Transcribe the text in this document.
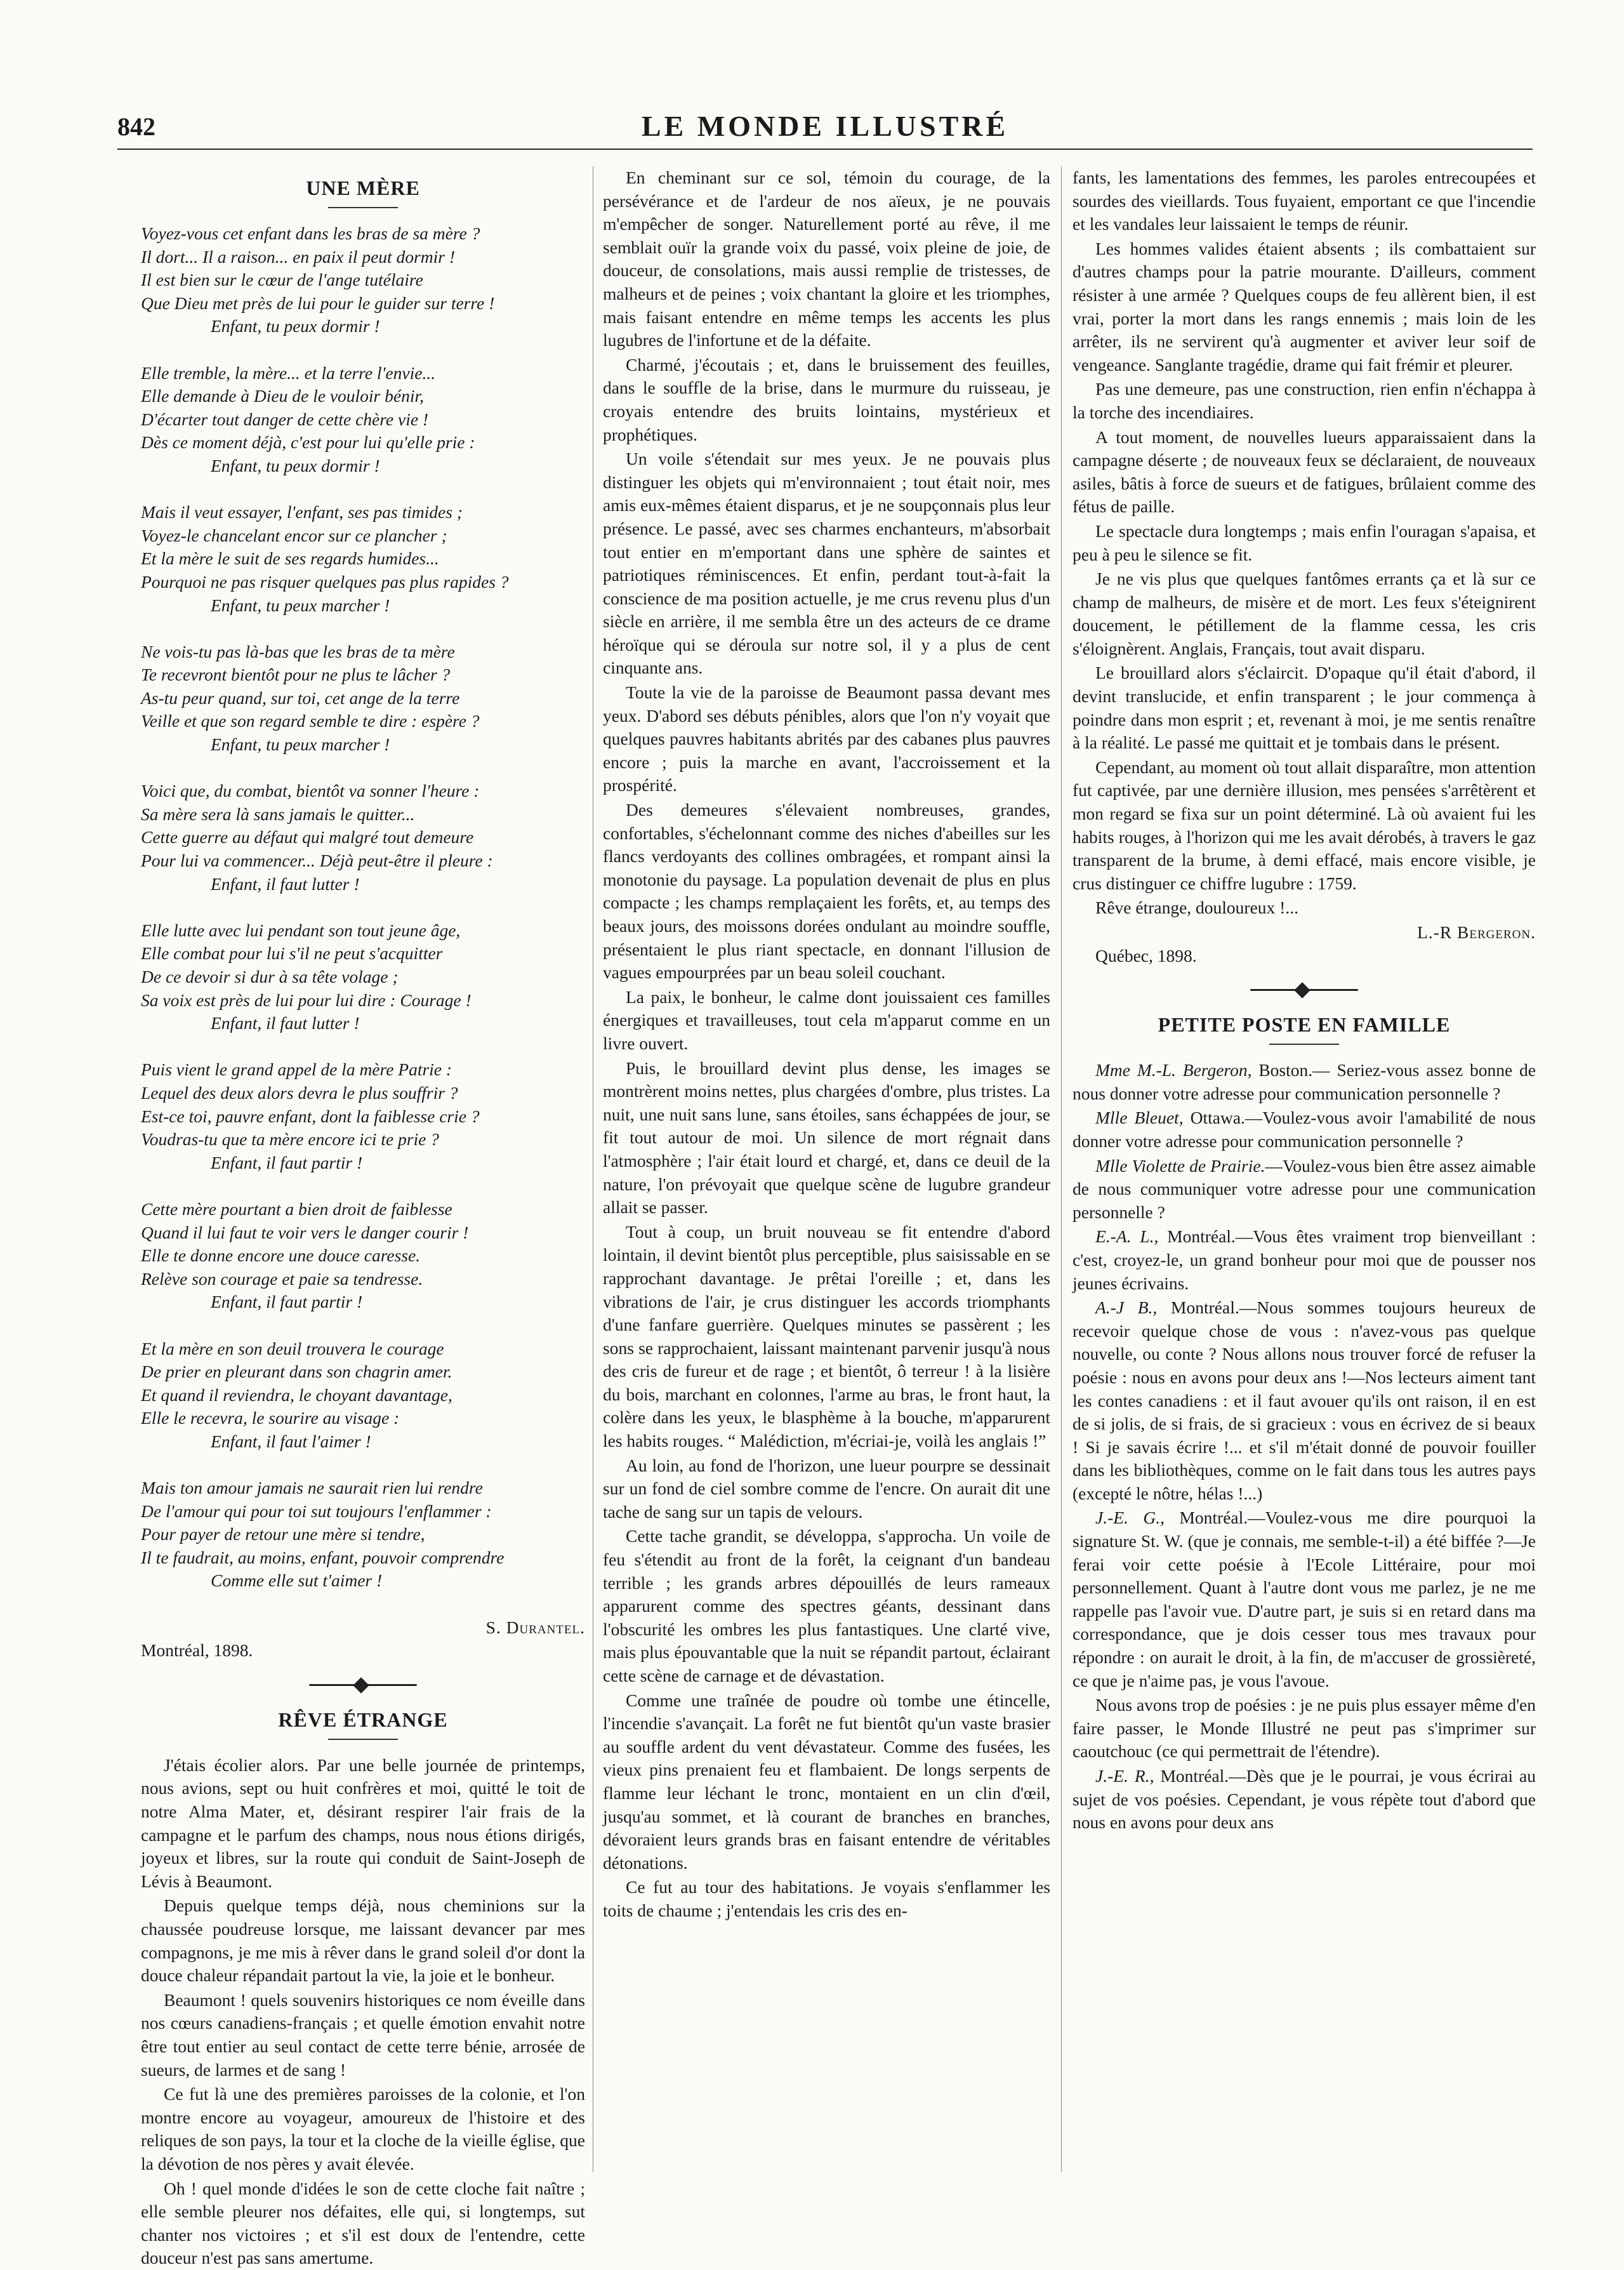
842	LE MONDE ILLUSTRÉ
UNE MÈRE
Voyez-vous cet enfant dans les bras de sa mère ?
Il dort... Il a raison... en paix il peut dormir !
Il est bien sur le cœur de l'ange tutélaire
Que Dieu met près de lui pour le guider sur terre !
Enfant, tu peux dormir !
Elle tremble, la mère... et la terre l'envie...
Elle demande à Dieu de le vouloir bénir,
D'écarter tout danger de cette chère vie !
Dès ce moment déjà, c'est pour lui qu'elle prie :
Enfant, tu peux dormir !
Mais il veut essayer, l'enfant, ses pas timides ;
Voyez-le chancelant encor sur ce plancher ;
Et la mère le suit de ses regards humides...
Pourquoi ne pas risquer quelques pas plus rapides ?
Enfant, tu peux marcher !
Ne vois-tu pas là-bas que les bras de ta mère
Te recevront bientôt pour ne plus te lâcher ?
As-tu peur quand, sur toi, cet ange de la terre
Veille et que son regard semble te dire : espère ?
Enfant, tu peux marcher !
Voici que, du combat, bientôt va sonner l'heure :
Sa mère sera là sans jamais le quitter...
Cette guerre au défaut qui malgré tout demeure
Pour lui va commencer... Déjà peut-être il pleure :
Enfant, il faut lutter !
Elle lutte avec lui pendant son tout jeune âge,
Elle combat pour lui s'il ne peut s'acquitter
De ce devoir si dur à sa tête volage ;
Sa voix est près de lui pour lui dire : Courage !
Enfant, il faut lutter !
Puis vient le grand appel de la mère Patrie :
Lequel des deux alors devra le plus souffrir ?
Est-ce toi, pauvre enfant, dont la faiblesse crie ?
Voudras-tu que ta mère encore ici te prie ?
Enfant, il faut partir !
Cette mère pourtant a bien droit de faiblesse
Quand il lui faut te voir vers le danger courir !
Elle te donne encore une douce caresse.
Relève son courage et paie sa tendresse.
Enfant, il faut partir !
Et la mère en son deuil trouvera le courage
De prier en pleurant dans son chagrin amer.
Et quand il reviendra, le choyant davantage,
Elle le recevra, le sourire au visage :
Enfant, il faut l'aimer !
Mais ton amour jamais ne saurait rien lui rendre
De l'amour qui pour toi sut toujours l'enflammer :
Pour payer de retour une mère si tendre,
Il te faudrait, au moins, enfant, pouvoir comprendre
Comme elle sut t'aimer !
S. Durantel.
Montréal, 1898.
RÊVE ÉTRANGE

J'étais écolier alors. Par une belle journée de printemps, nous avions, sept ou huit confrères et moi, quitté le toit de notre Alma Mater, et, désirant respirer l'air frais de la campagne et le parfum des champs, nous nous étions dirigés, joyeux et libres, sur la route qui conduit de Saint-Joseph de Lévis à Beaumont.

Depuis quelque temps déjà, nous cheminions sur la chaussée poudreuse lorsque, me laissant devancer par mes compagnons, je me mis à rêver dans le grand soleil d'or dont la douce chaleur répandait partout la vie, la joie et le bonheur.

Beaumont ! quels souvenirs historiques ce nom éveille dans nos cœurs canadiens-français ; et quelle émotion envahit notre être tout entier au seul contact de cette terre bénie, arrosée de sueurs, de larmes et de sang !

Ce fut là une des premières paroisses de la colonie, et l'on montre encore au voyageur, amoureux de l'histoire et des reliques de son pays, la tour et la cloche de la vieille église, que la dévotion de nos pères y avait élevée.

Oh ! quel monde d'idées le son de cette cloche fait naître ; elle semble pleurer nos défaites, elle qui, si longtemps, sut chanter nos victoires ; et s'il est doux de l'entendre, cette douceur n'est pas sans amertume.

En cheminant sur ce sol, témoin du courage, de la persévérance et de l'ardeur de nos aïeux, je ne pouvais m'empêcher de songer. Naturellement porté au rêve, il me semblait ouïr la grande voix du passé, voix pleine de joie, de douceur, de consolations, mais aussi remplie de tristesses, de malheurs et de peines ; voix chantant la gloire et les triomphes, mais faisant entendre en même temps les accents les plus lugubres de l'infortune et de la défaite.

Charmé, j'écoutais ; et, dans le bruissement des feuilles, dans le souffle de la brise, dans le murmure du ruisseau, je croyais entendre des bruits lointains, mystérieux et prophétiques.

Un voile s'étendait sur mes yeux. Je ne pouvais plus distinguer les objets qui m'environnaient ; tout était noir, mes amis eux-mêmes étaient disparus, et je ne soupçonnais plus leur présence. Le passé, avec ses charmes enchanteurs, m'absorbait tout entier en m'emportant dans une sphère de saintes et patriotiques réminiscences. Et enfin, perdant tout-à-fait la conscience de ma position actuelle, je me crus revenu plus d'un siècle en arrière, il me sembla être un des acteurs de ce drame héroïque qui se déroula sur notre sol, il y a plus de cent cinquante ans.

Toute la vie de la paroisse de Beaumont passa devant mes yeux. D'abord ses débuts pénibles, alors que l'on n'y voyait que quelques pauvres habitants abrités par des cabanes plus pauvres encore ; puis la marche en avant, l'accroissement et la prospérité.

Des demeures s'élevaient nombreuses, grandes, confortables, s'échelonnant comme des niches d'abeilles sur les flancs verdoyants des collines ombragées, et rompant ainsi la monotonie du paysage. La population devenait de plus en plus compacte ; les champs remplaçaient les forêts, et, au temps des beaux jours, des moissons dorées ondulant au moindre souffle, présentaient le plus riant spectacle, en donnant l'illusion de vagues empourprées par un beau soleil couchant.

La paix, le bonheur, le calme dont jouissaient ces familles énergiques et travailleuses, tout cela m'apparut comme en un livre ouvert.

Puis, le brouillard devint plus dense, les images se montrèrent moins nettes, plus chargées d'ombre, plus tristes. La nuit, une nuit sans lune, sans étoiles, sans échappées de jour, se fit tout autour de moi. Un silence de mort régnait dans l'atmosphère ; l'air était lourd et chargé, et, dans ce deuil de la nature, l'on prévoyait que quelque scène de lugubre grandeur allait se passer.

Tout à coup, un bruit nouveau se fit entendre d'abord lointain, il devint bientôt plus perceptible, plus saisissable en se rapprochant davantage. Je prêtai l'oreille ; et, dans les vibrations de l'air, je crus distinguer les accords triomphants d'une fanfare guerrière. Quelques minutes se passèrent ; les sons se rapprochaient, laissant maintenant parvenir jusqu'à nous des cris de fureur et de rage ; et bientôt, ô terreur ! à la lisière du bois, marchant en colonnes, l'arme au bras, le front haut, la colère dans les yeux, le blasphème à la bouche, m'apparurent les habits rouges. “ Malédiction, m'écriai-je, voilà les anglais !”

Au loin, au fond de l'horizon, une lueur pourpre se dessinait sur un fond de ciel sombre comme de l'encre. On aurait dit une tache de sang sur un tapis de velours.

Cette tache grandit, se développa, s'approcha. Un voile de feu s'étendit au front de la forêt, la ceignant d'un bandeau terrible ; les grands arbres dépouillés de leurs rameaux apparurent comme des spectres géants, dessinant dans l'obscurité les ombres les plus fantastiques. Une clarté vive, mais plus épouvantable que la nuit se répandit partout, éclairant cette scène de carnage et de dévastation.

Comme une traînée de poudre où tombe une étincelle, l'incendie s'avançait. La forêt ne fut bientôt qu'un vaste brasier au souffle ardent du vent dévastateur. Comme des fusées, les vieux pins prenaient feu et flambaient. De longs serpents de flamme leur léchant le tronc, montaient en un clin d'œil, jusqu'au sommet, et là courant de branches en branches, dévoraient leurs grands bras en faisant entendre de véritables détonations.

Ce fut au tour des habitations. Je voyais s'enflammer les toits de chaume ; j'entendais les cris des en-

fants, les lamentations des femmes, les paroles entrecoupées et sourdes des vieillards. Tous fuyaient, emportant ce que l'incendie et les vandales leur laissaient le temps de réunir.

Les hommes valides étaient absents ; ils combattaient sur d'autres champs pour la patrie mourante. D'ailleurs, comment résister à une armée ? Quelques coups de feu allèrent bien, il est vrai, porter la mort dans les rangs ennemis ; mais loin de les arrêter, ils ne servirent qu'à augmenter et aviver leur soif de vengeance. Sanglante tragédie, drame qui fait frémir et pleurer.

Pas une demeure, pas une construction, rien enfin n'échappa à la torche des incendiaires.

A tout moment, de nouvelles lueurs apparaissaient dans la campagne déserte ; de nouveaux feux se déclaraient, de nouveaux asiles, bâtis à force de sueurs et de fatigues, brûlaient comme des fétus de paille.

Le spectacle dura longtemps ; mais enfin l'ouragan s'apaisa, et peu à peu le silence se fit.

Je ne vis plus que quelques fantômes errants ça et là sur ce champ de malheurs, de misère et de mort. Les feux s'éteignirent doucement, le pétillement de la flamme cessa, les cris s'éloignèrent. Anglais, Français, tout avait disparu.

Le brouillard alors s'éclaircit. D'opaque qu'il était d'abord, il devint translucide, et enfin transparent ; le jour commença à poindre dans mon esprit ; et, revenant à moi, je me sentis renaître à la réalité. Le passé me quittait et je tombais dans le présent.

Cependant, au moment où tout allait disparaître, mon attention fut captivée, par une dernière illusion, mes pensées s'arrêtèrent et mon regard se fixa sur un point déterminé. Là où avaient fui les habits rouges, à l'horizon qui me les avait dérobés, à travers le gaz transparent de la brume, à demi effacé, mais encore visible, je crus distinguer ce chiffre lugubre : 1759.

Rêve étrange, douloureux !...

L.-R Bergeron.

Québec, 1898.

PETITE POSTE EN FAMILLE

Mme M.-L. Bergeron, Boston.— Seriez-vous assez bonne de nous donner votre adresse pour communication personnelle ?

Mlle Bleuet, Ottawa.—Voulez-vous avoir l'amabilité de nous donner votre adresse pour communication personnelle ?

Mlle Violette de Prairie.—Voulez-vous bien être assez aimable de nous communiquer votre adresse pour une communication personnelle ?

E.-A. L., Montréal.—Vous êtes vraiment trop bienveillant : c'est, croyez-le, un grand bonheur pour moi que de pousser nos jeunes écrivains.

A.-J B., Montréal.—Nous sommes toujours heureux de recevoir quelque chose de vous : n'avez-vous pas quelque nouvelle, ou conte ? Nous allons nous trouver forcé de refuser la poésie : nous en avons pour deux ans !—Nos lecteurs aiment tant les contes canadiens : et il faut avouer qu'ils ont raison, il en est de si jolis, de si frais, de si gracieux : vous en écrivez de si beaux ! Si je savais écrire !... et s'il m'était donné de pouvoir fouiller dans les bibliothèques, comme on le fait dans tous les autres pays (excepté le nôtre, hélas !...)

J.-E. G., Montréal.—Voulez-vous me dire pourquoi la signature St. W. (que je connais, me semble-t-il) a été biffée ?—Je ferai voir cette poésie à l'Ecole Littéraire, pour moi personnellement. Quant à l'autre dont vous me parlez, je ne me rappelle pas l'avoir vue. D'autre part, je suis si en retard dans ma correspondance, que je dois cesser tous mes travaux pour répondre : on aurait le droit, à la fin, de m'accuser de grossièreté, ce que je n'aime pas, je vous l'avoue.

Nous avons trop de poésies : je ne puis plus essayer même d'en faire passer, le Monde Illustré ne peut pas s'imprimer sur caoutchouc (ce qui permettrait de l'étendre).

J.-E. R., Montréal.—Dès que je le pourrai, je vous écrirai au sujet de vos poésies. Cependant, je vous répète tout d'abord que nous en avons pour deux ans
